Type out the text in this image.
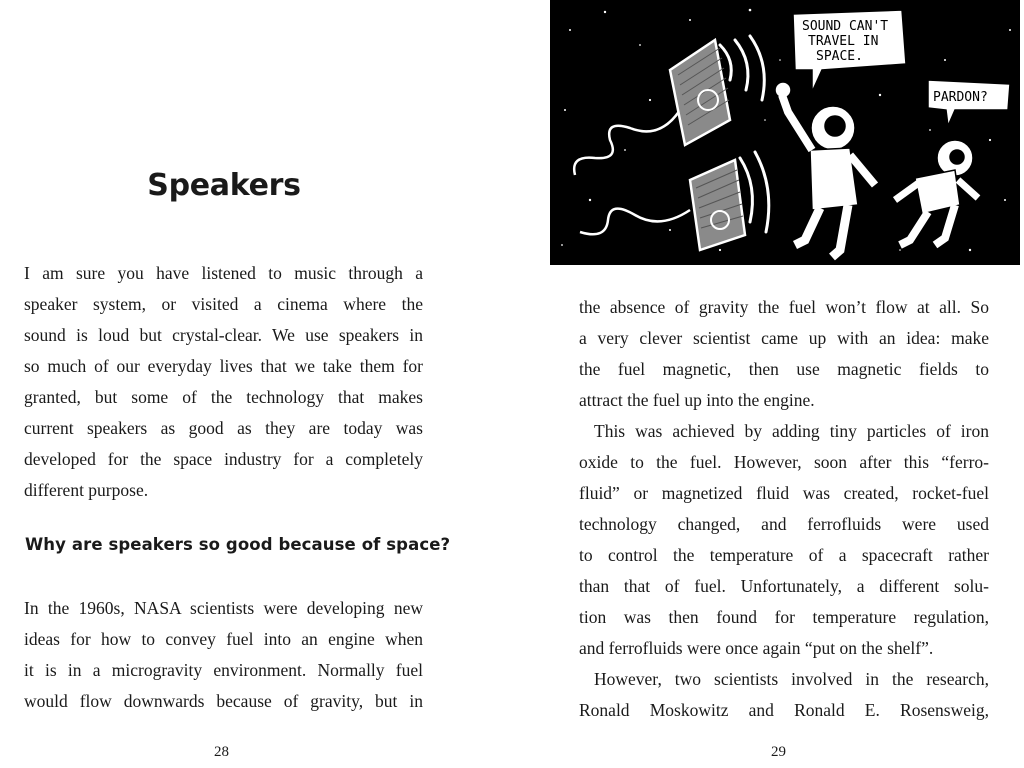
Speakers
I am sure you have listened to music through a
speaker system, or visited a cinema where the
sound is loud but crystal-clear. We use speakers in
so much of our everyday lives that we take them for
granted, but some of the technology that makes
current speakers as good as they are today was
developed for the space industry for a completely
different purpose.
Why are speakers so good because of space?
In the 1960s, NASA scientists were developing new
ideas for how to convey fuel into an engine when
it is in a microgravity environment. Normally fuel
would flow downwards because of gravity, but in
28
SOUND CAN'T
TRAVEL IN
SPACE.
PARDON?
the absence of gravity the fuel won’t flow at all. So
a very clever scientist came up with an idea: make
the fuel magnetic, then use magnetic fields to
attract the fuel up into the engine.
This was achieved by adding tiny particles of iron
oxide to the fuel. However, soon after this “ferro-
fluid” or magnetized fluid was created, rocket-fuel
technology changed, and ferrofluids were used
to control the temperature of a spacecraft rather
than that of fuel. Unfortunately, a different solu-
tion was then found for temperature regulation,
and ferrofluids were once again “put on the shelf”.
However, two scientists involved in the research,
Ronald Moskowitz and Ronald E. Rosensweig,
29
